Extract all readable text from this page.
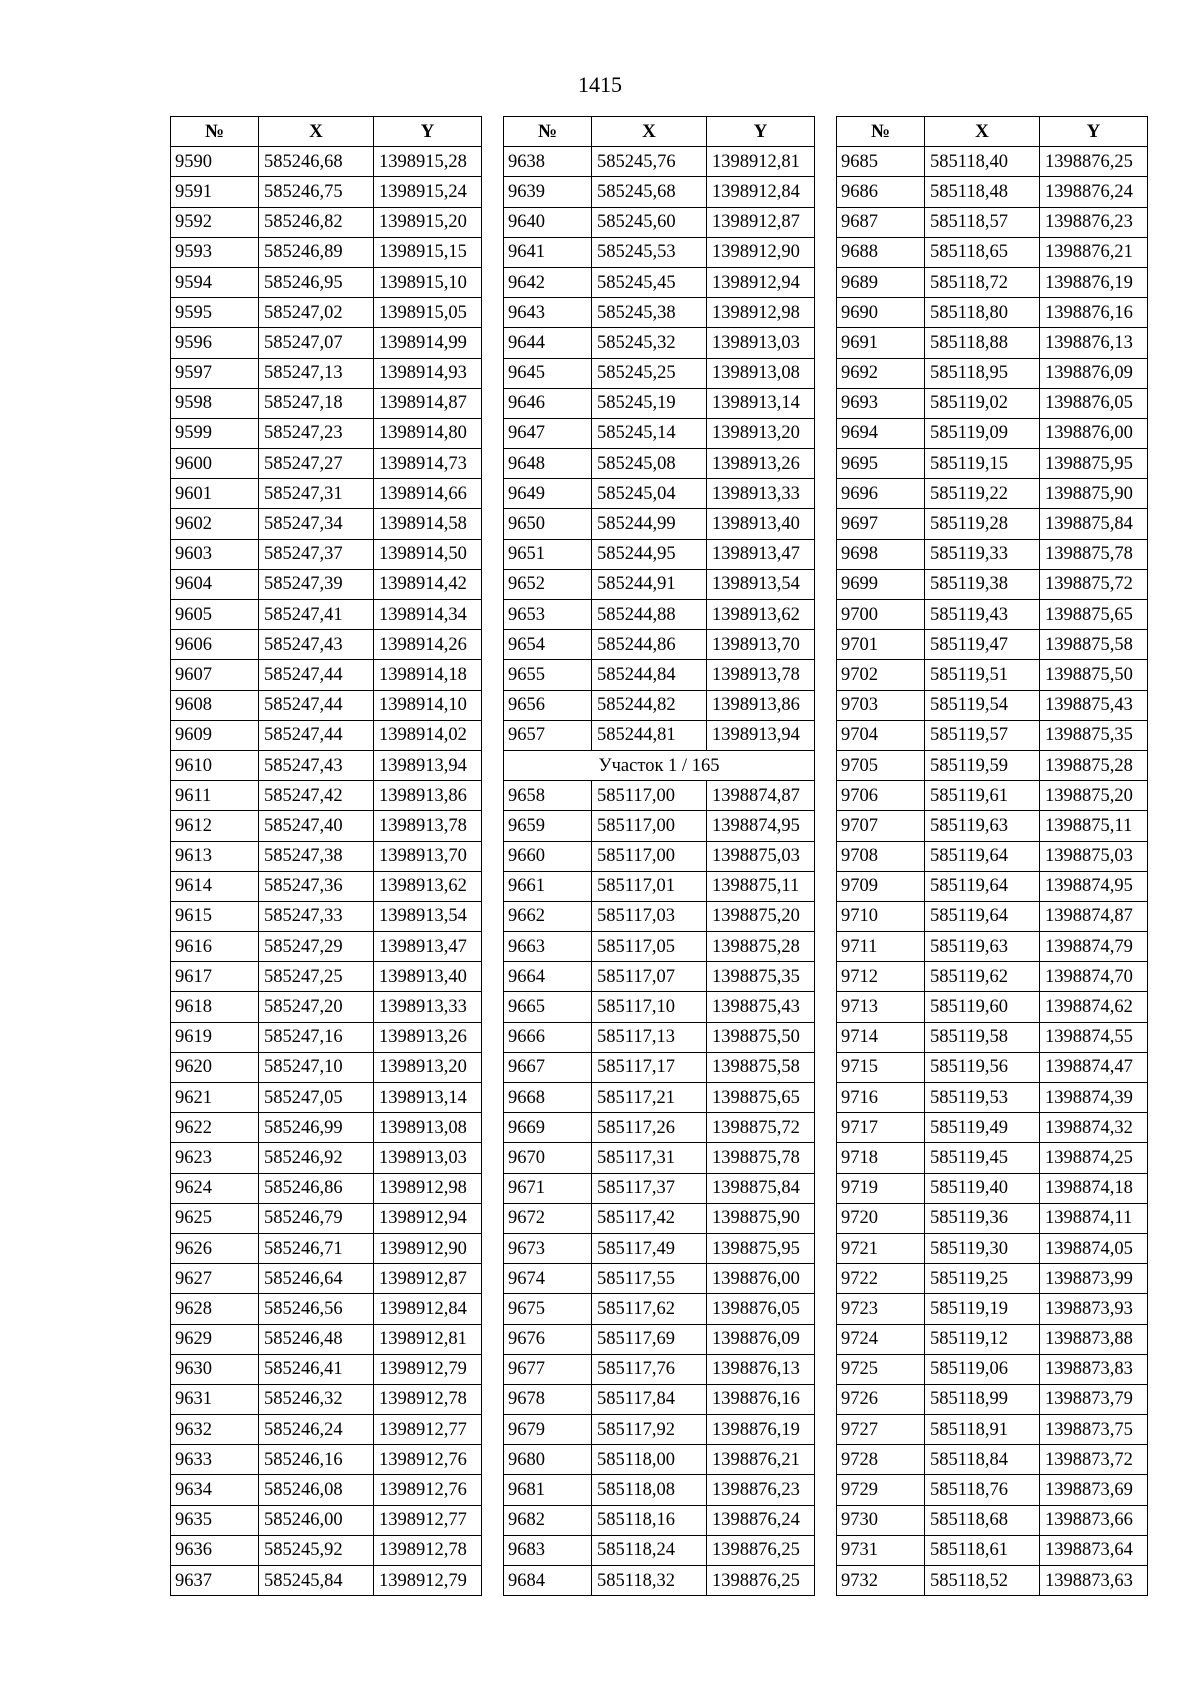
1415
№	X	Y
9590	585246,68	1398915,28
9591	585246,75	1398915,24
9592	585246,82	1398915,20
9593	585246,89	1398915,15
9594	585246,95	1398915,10
9595	585247,02	1398915,05
9596	585247,07	1398914,99
9597	585247,13	1398914,93
9598	585247,18	1398914,87
9599	585247,23	1398914,80
9600	585247,27	1398914,73
9601	585247,31	1398914,66
9602	585247,34	1398914,58
9603	585247,37	1398914,50
9604	585247,39	1398914,42
9605	585247,41	1398914,34
9606	585247,43	1398914,26
9607	585247,44	1398914,18
9608	585247,44	1398914,10
9609	585247,44	1398914,02
9610	585247,43	1398913,94
9611	585247,42	1398913,86
9612	585247,40	1398913,78
9613	585247,38	1398913,70
9614	585247,36	1398913,62
9615	585247,33	1398913,54
9616	585247,29	1398913,47
9617	585247,25	1398913,40
9618	585247,20	1398913,33
9619	585247,16	1398913,26
9620	585247,10	1398913,20
9621	585247,05	1398913,14
9622	585246,99	1398913,08
9623	585246,92	1398913,03
9624	585246,86	1398912,98
9625	585246,79	1398912,94
9626	585246,71	1398912,90
9627	585246,64	1398912,87
9628	585246,56	1398912,84
9629	585246,48	1398912,81
9630	585246,41	1398912,79
9631	585246,32	1398912,78
9632	585246,24	1398912,77
9633	585246,16	1398912,76
9634	585246,08	1398912,76
9635	585246,00	1398912,77
9636	585245,92	1398912,78
9637	585245,84	1398912,79
№	X	Y
9638	585245,76	1398912,81
9639	585245,68	1398912,84
9640	585245,60	1398912,87
9641	585245,53	1398912,90
9642	585245,45	1398912,94
9643	585245,38	1398912,98
9644	585245,32	1398913,03
9645	585245,25	1398913,08
9646	585245,19	1398913,14
9647	585245,14	1398913,20
9648	585245,08	1398913,26
9649	585245,04	1398913,33
9650	585244,99	1398913,40
9651	585244,95	1398913,47
9652	585244,91	1398913,54
9653	585244,88	1398913,62
9654	585244,86	1398913,70
9655	585244,84	1398913,78
9656	585244,82	1398913,86
9657	585244,81	1398913,94
Участок 1 / 165		
9658	585117,00	1398874,87
9659	585117,00	1398874,95
9660	585117,00	1398875,03
9661	585117,01	1398875,11
9662	585117,03	1398875,20
9663	585117,05	1398875,28
9664	585117,07	1398875,35
9665	585117,10	1398875,43
9666	585117,13	1398875,50
9667	585117,17	1398875,58
9668	585117,21	1398875,65
9669	585117,26	1398875,72
9670	585117,31	1398875,78
9671	585117,37	1398875,84
9672	585117,42	1398875,90
9673	585117,49	1398875,95
9674	585117,55	1398876,00
9675	585117,62	1398876,05
9676	585117,69	1398876,09
9677	585117,76	1398876,13
9678	585117,84	1398876,16
9679	585117,92	1398876,19
9680	585118,00	1398876,21
9681	585118,08	1398876,23
9682	585118,16	1398876,24
9683	585118,24	1398876,25
9684	585118,32	1398876,25
№	X	Y
9685	585118,40	1398876,25
9686	585118,48	1398876,24
9687	585118,57	1398876,23
9688	585118,65	1398876,21
9689	585118,72	1398876,19
9690	585118,80	1398876,16
9691	585118,88	1398876,13
9692	585118,95	1398876,09
9693	585119,02	1398876,05
9694	585119,09	1398876,00
9695	585119,15	1398875,95
9696	585119,22	1398875,90
9697	585119,28	1398875,84
9698	585119,33	1398875,78
9699	585119,38	1398875,72
9700	585119,43	1398875,65
9701	585119,47	1398875,58
9702	585119,51	1398875,50
9703	585119,54	1398875,43
9704	585119,57	1398875,35
9705	585119,59	1398875,28
9706	585119,61	1398875,20
9707	585119,63	1398875,11
9708	585119,64	1398875,03
9709	585119,64	1398874,95
9710	585119,64	1398874,87
9711	585119,63	1398874,79
9712	585119,62	1398874,70
9713	585119,60	1398874,62
9714	585119,58	1398874,55
9715	585119,56	1398874,47
9716	585119,53	1398874,39
9717	585119,49	1398874,32
9718	585119,45	1398874,25
9719	585119,40	1398874,18
9720	585119,36	1398874,11
9721	585119,30	1398874,05
9722	585119,25	1398873,99
9723	585119,19	1398873,93
9724	585119,12	1398873,88
9725	585119,06	1398873,83
9726	585118,99	1398873,79
9727	585118,91	1398873,75
9728	585118,84	1398873,72
9729	585118,76	1398873,69
9730	585118,68	1398873,66
9731	585118,61	1398873,64
9732	585118,52	1398873,63
